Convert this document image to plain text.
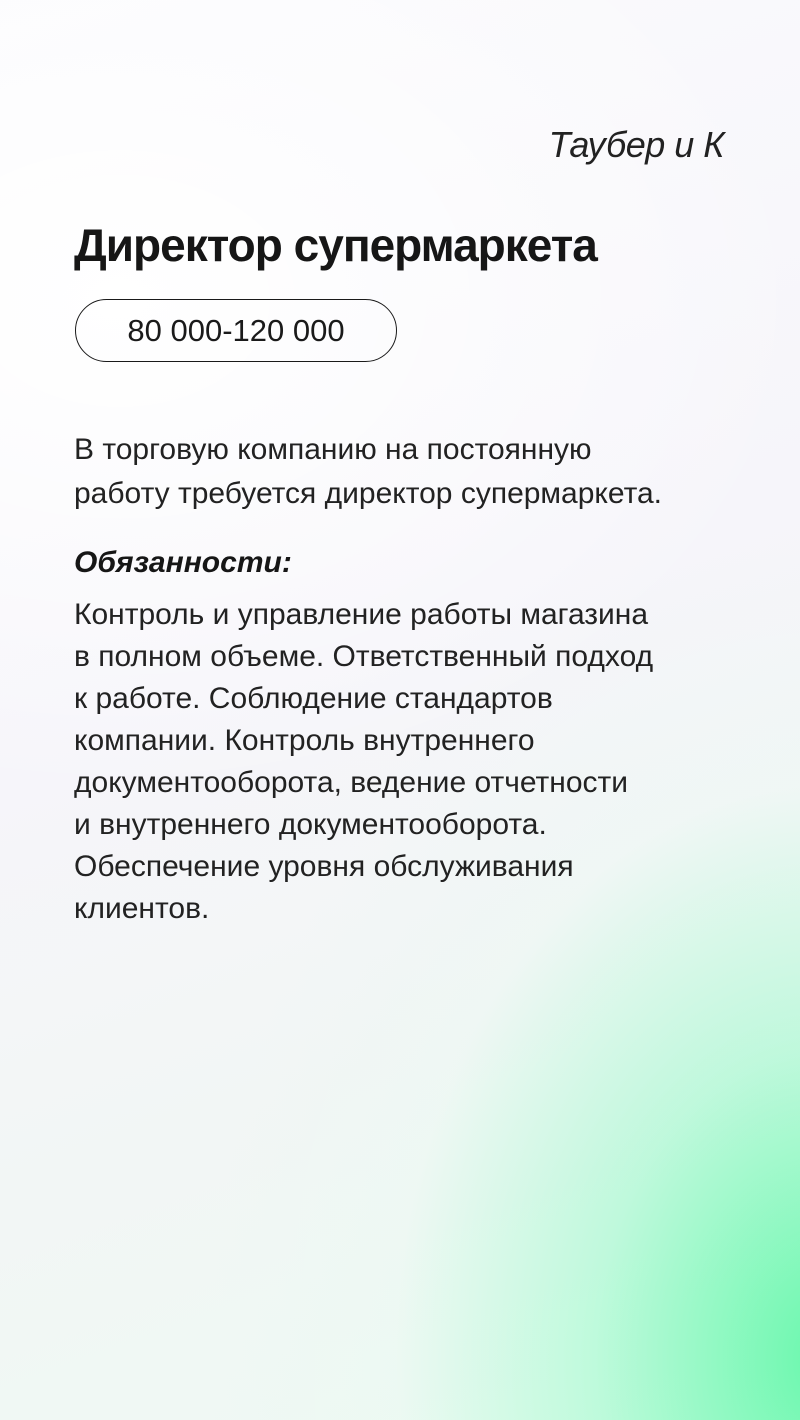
Таубер и К
Директор супермаркета
80 000-120 000

В торговую компанию на постоянную
работу требуется директор супермаркета.

Обязанности:

Контроль и управление работы магазина
в полном объеме. Ответственный подход
к работе. Соблюдение стандартов
компании. Контроль внутреннего
документооборота, ведение отчетности
и внутреннего документооборота.
Обеспечение уровня обслуживания
клиентов.
